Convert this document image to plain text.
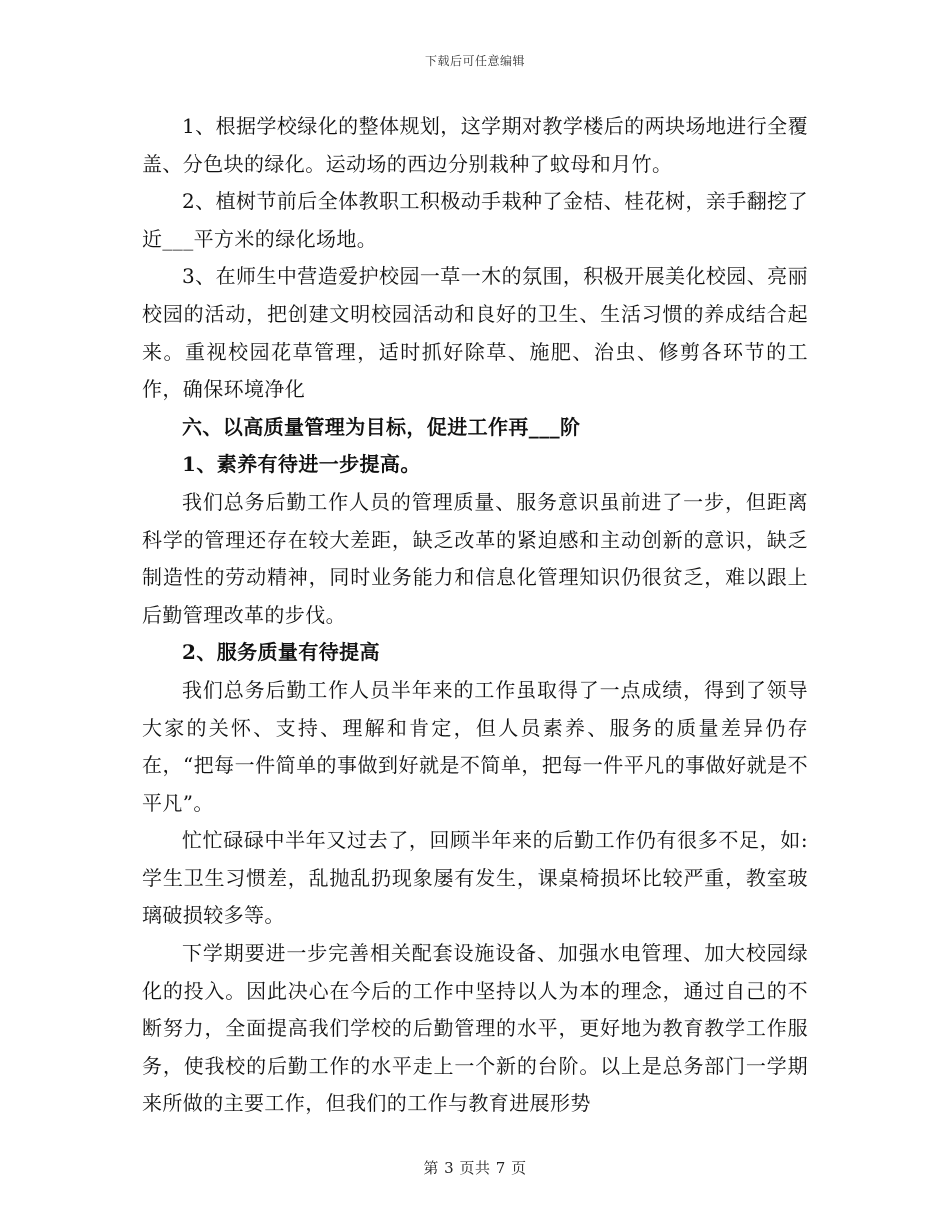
下载后可任意编辑

1、根据学校绿化的整体规划，这学期对教学楼后的两块场地进行全覆盖、分色块的绿化。运动场的西边分别栽种了蚊母和月竹。

2、植树节前后全体教职工积极动手栽种了金桔、桂花树，亲手翻挖了近___平方米的绿化场地。

3、在师生中营造爱护校园一草一木的氛围，积极开展美化校园、亮丽校园的活动，把创建文明校园活动和良好的卫生、生活习惯的养成结合起来。重视校园花草管理，适时抓好除草、施肥、治虫、修剪各环节的工作，确保环境净化

六、以高质量管理为目标，促进工作再___阶

1、素养有待进一步提高。

我们总务后勤工作人员的管理质量、服务意识虽前进了一步，但距离科学的管理还存在较大差距，缺乏改革的紧迫感和主动创新的意识，缺乏制造性的劳动精神，同时业务能力和信息化管理知识仍很贫乏，难以跟上后勤管理改革的步伐。

2、服务质量有待提高

我们总务后勤工作人员半年来的工作虽取得了一点成绩，得到了领导大家的关怀、支持、理解和肯定，但人员素养、服务的质量差异仍存在，“把每一件简单的事做到好就是不简单，把每一件平凡的事做好就是不平凡”。

忙忙碌碌中半年又过去了，回顾半年来的后勤工作仍有很多不足，如:学生卫生习惯差，乱抛乱扔现象屡有发生，课桌椅损坏比较严重，教室玻璃破损较多等。

下学期要进一步完善相关配套设施设备、加强水电管理、加大校园绿化的投入。因此决心在今后的工作中坚持以人为本的理念，通过自己的不断努力，全面提高我们学校的后勤管理的水平，更好地为教育教学工作服务，使我校的后勤工作的水平走上一个新的台阶。以上是总务部门一学期来所做的主要工作，但我们的工作与教育进展形势

第 3 页共 7 页
